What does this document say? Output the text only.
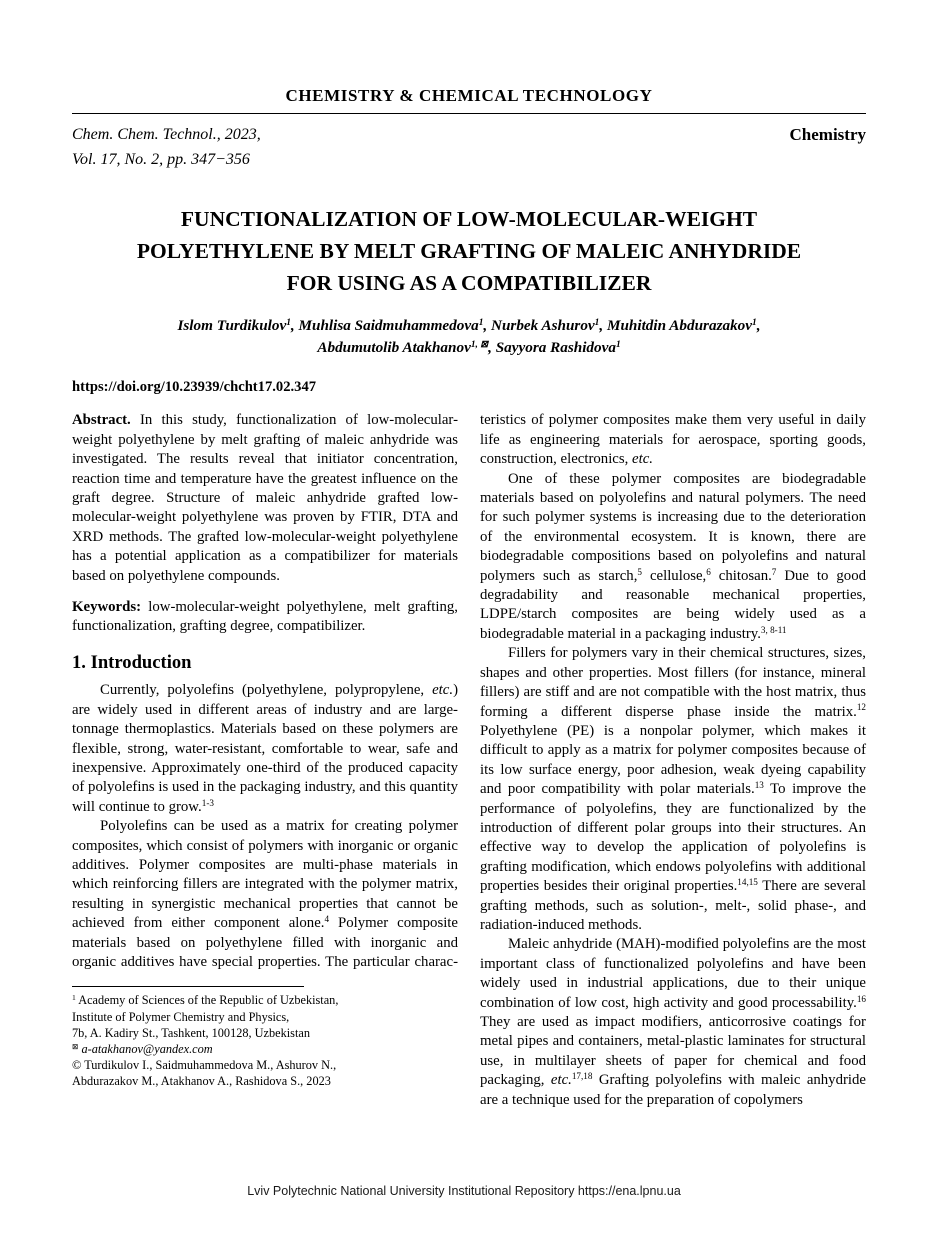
CHEMISTRY & CHEMICAL TECHNOLOGY
Chem. Chem. Technol., 2023,
Vol. 17, No. 2, pp. 347−356
Chemistry
FUNCTIONALIZATION OF LOW-MOLECULAR-WEIGHT
POLYETHYLENE BY MELT GRAFTING OF MALEIC ANHYDRIDE
FOR USING AS A COMPATIBILIZER
Islom Turdikulov$^1$, Muhlisa Saidmuhammedova$^1$, Nurbek Ashurov$^1$, Muhitdin Abdurazakov$^1$,
Abdumutolib Atakhanov$^{1, ⊠}$, Sayyora Rashidova$^1$
https://doi.org/10.23939/chcht17.02.347

Abstract. In this study, functionalization of low-molecular-weight polyethylene by melt grafting of maleic anhydride was investigated. The results reveal that initiator concentration, reaction time and temperature have the greatest influence on the graft degree. Structure of maleic anhydride grafted low-molecular-weight polyethylene was proven by FTIR, DTA and XRD methods. The grafted low-molecular-weight polyethylene has a potential application as a compatibilizer for materials based on polyethylene compounds.

Keywords: low-molecular-weight polyethylene, melt grafting, functionalization, grafting degree, compatibilizer.

1. Introduction

Currently, polyolefins (polyethylene, polypropylene, etc.) are widely used in different areas of industry and are large-tonnage thermoplastics. Materials based on these polymers are flexible, strong, water-resistant, comfortable to wear, safe and inexpensive. Approximately one-third of the produced capacity of polyolefins is used in the packaging industry, and this quantity will continue to grow.$^{1-3}$

Polyolefins can be used as a matrix for creating polymer composites, which consist of polymers with inorganic or organic additives. Polymer composites are multi-phase materials in which reinforcing fillers are integrated with the polymer matrix, resulting in synergistic mechanical properties that cannot be achieved from either component alone.$^4$ Polymer composite materials based on polyethylene filled with inorganic and organic additives have special properties. The particular charac-

$^1$ Academy of Sciences of the Republic of Uzbekistan,

Institute of Polymer Chemistry and Physics,

7b, A. Kadiry St., Tashkent, 100128, Uzbekistan

⊠ a-atakhanov@yandex.com

© Turdikulov I., Saidmuhammedova M., Ashurov N.,

Abdurazakov M., Atakhanov A., Rashidova S., 2023

teristics of polymer composites make them very useful in daily life as engineering materials for aerospace, sporting goods, construction, electronics, etc.

One of these polymer composites are biodegradable materials based on polyolefins and natural polymers. The need for such polymer systems is increasing due to the deterioration of the environmental ecosystem. It is known, there are biodegradable compositions based on polyolefins and natural polymers such as starch,$^5$ cellulose,$^6$ chitosan.$^7$ Due to good degradability and reasonable mechanical properties, LDPE/starch composites are being widely used as a biodegradable material in a packaging industry.$^{3, 8-11}$

Fillers for polymers vary in their chemical structures, sizes, shapes and other properties. Most fillers (for instance, mineral fillers) are stiff and are not compatible with the host matrix, thus forming a different disperse phase inside the matrix.$^{12}$ Polyethylene (PE) is a nonpolar polymer, which makes it difficult to apply as a matrix for polymer composites because of its low surface energy, poor adhesion, weak dyeing capability and poor compatibility with polar materials.$^{13}$ To improve the performance of polyolefins, they are functionalized by the introduction of different polar groups into their structures. An effective way to develop the application of polyolefins is grafting modification, which endows polyolefins with additional properties besides their original properties.$^{14,15}$ There are several grafting methods, such as solution-, melt-, solid phase-, and radiation-induced methods.

Maleic anhydride (MAH)-modified polyolefins are the most important class of functionalized polyolefins and have been widely used in industrial applications, due to their unique combination of low cost, high activity and good processability.$^{16}$ They are used as impact modifiers, anticorrosive coatings for metal pipes and containers, metal-plastic laminates for structural use, in multilayer sheets of paper for chemical and food packaging, etc.$^{17,18}$ Grafting polyolefins with maleic anhydride are a technique used for the preparation of copolymers

Lviv Polytechnic National University Institutional Repository https://ena.lpnu.ua
